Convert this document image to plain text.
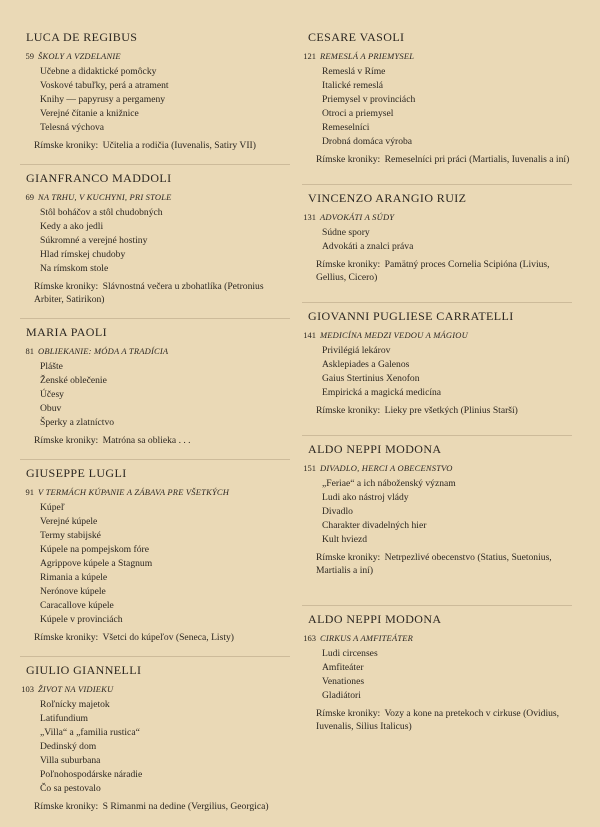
LUCA DE REGIBUS
59 ŠKOLY A VZDELANIE
Učebne a didaktické pomôcky
Voskové tabuľky, perá a atrament
Knihy — papyrusy a pergameny
Verejné čítanie a knižnice
Telesná výchova
Rímske kroniky: Učitelia a rodičia (Iuvenalis, Satiry VII)
GIANFRANCO MADDOLI
69 NA TRHU, V KUCHYNI, PRI STOLE
Stôl boháčov a stôl chudobných
Kedy a ako jedli
Súkromné a verejné hostiny
Hlad rímskej chudoby
Na rímskom stole
Rímske kroniky: Slávnostná večera u zbohatlíka (Petronius Arbiter, Satirikon)
MARIA PAOLI
81 OBLIEKANIE: MÓDA A TRADÍCIA
Plášte
Ženské oblečenie
Účesy
Obuv
Šperky a zlatníctvo
Rímske kroniky: Matróna sa oblieka . . .
GIUSEPPE LUGLI
91 V TERMÁCH KÚPANIE A ZÁBAVA PRE VŠETKÝCH
Kúpeľ
Verejné kúpele
Termy stabijské
Kúpele na pompejskom fóre
Agrippove kúpele a Stagnum
Rimania a kúpele
Nerónove kúpele
Caracallove kúpele
Kúpele v provinciách
Rímske kroniky: Všetci do kúpeľov (Seneca, Listy)
GIULIO GIANNELLI
103 ŽIVOT NA VIDIEKU
Roľnícky majetok
Latifundium
„Villa“ a „familia rustica“
Dedinský dom
Villa suburbana
Poľnohospodárske náradie
Čo sa pestovalo
Rímske kroniky: S Rimanmi na dedine (Vergilius, Georgica)
CESARE VASOLI
121 REMESLÁ A PRIEMYSEL
Remeslá v Ríme
Italické remeslá
Priemysel v provinciách
Otroci a priemysel
Remeselníci
Drobná domáca výroba
Rímske kroniky: Remeselníci pri práci (Martialis, Iuvenalis a iní)
VINCENZO ARANGIO RUIZ
131 ADVOKÁTI A SÚDY
Súdne spory
Advokáti a znalci práva
Rímske kroniky: Pamätný proces Cornelia Scipióna (Livius, Gellius, Cicero)
GIOVANNI PUGLIESE CARRATELLI
141 MEDICÍNA MEDZI VEDOU A MÁGIOU
Privilégiá lekárov
Asklepiades a Galenos
Gaius Stertinius Xenofon
Empirická a magická medicína
Rímske kroniky: Lieky pre všetkých (Plinius Starší)
ALDO NEPPI MODONA
151 DIVADLO, HERCI A OBECENSTVO
„Feriae“ a ich náboženský význam
Ludi ako nástroj vlády
Divadlo
Charakter divadelných hier
Kult hviezd
Rímske kroniky: Netrpezlivé obecenstvo (Statius, Suetonius, Martialis a iní)
ALDO NEPPI MODONA
163 CIRKUS A AMFITEÁTER
Ludi circenses
Amfiteáter
Venationes
Gladiátori
Rímske kroniky: Vozy a kone na pretekoch v cirkuse (Ovidius, Iuvenalis, Silius Italicus)
